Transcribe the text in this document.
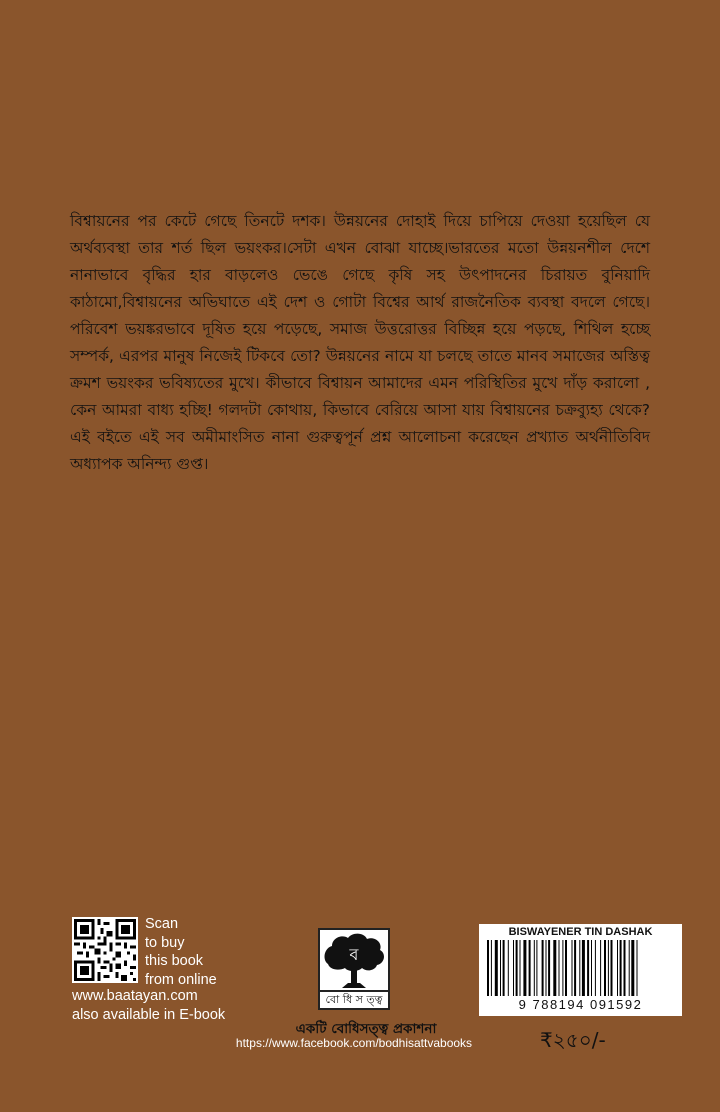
বিশ্বায়নের পর কেটে গেছে তিনটে দশক। উন্নয়নের দোহাই দিয়ে চাপিয়ে দেওয়া হয়েছিল যে অর্থব্যবস্থা তার শর্ত ছিল ভয়ংকর।সেটা এখন বোঝা যাচ্ছে।ভারতের মতো উন্নয়নশীল দেশে নানাভাবে বৃদ্ধির হার বাড়লেও ভেঙে গেছে কৃষি সহ উৎপাদনের চিরায়ত বুনিয়াদি কাঠামো,বিশ্বায়নের অভিঘাতে এই দেশ ও গোটা বিশ্বের আর্থ রাজনৈতিক ব্যবস্থা বদলে গেছে।পরিবেশ ভয়ঙ্করভাবে দূষিত হয়ে পড়েছে, সমাজ উত্তরোত্তর বিচ্ছিন্ন হয়ে পড়ছে, শিথিল হচ্ছে সম্পর্ক, এরপর মানুষ নিজেই টিকবে তো? উন্নয়নের নামে যা চলছে তাতে মানব সমাজের অস্তিত্ব ক্রমশ ভয়ংকর ভবিষ্যতের মুখে। কীভাবে বিশ্বায়ন আমাদের এমন পরিস্থিতির মুখে দাঁড় করালো , কেন আমরা বাধ্য হচ্ছি! গলদটা কোথায়, কিভাবে বেরিয়ে আসা যায় বিশ্বায়নের চক্রব্যুহ্য থেকে? এই বইতে এই সব অমীমাংসিত নানা গুরুত্বপূর্ন প্রশ্ন আলোচনা করেছেন প্রখ্যাত অর্থনীতিবিদ অধ্যাপক অনিন্দ্য গুপ্ত।

Scan
to buy
this book
from online
www.baatayan.com
also available in E-book
ব
বো ধি স ত্ত্ব
একটি বোধিসত্ত্ব প্রকাশনা
https://www.facebook.com/bodhisattvabooks
BISWAYENER TIN DASHAK
9 788194 091592
₹২৫০/-
